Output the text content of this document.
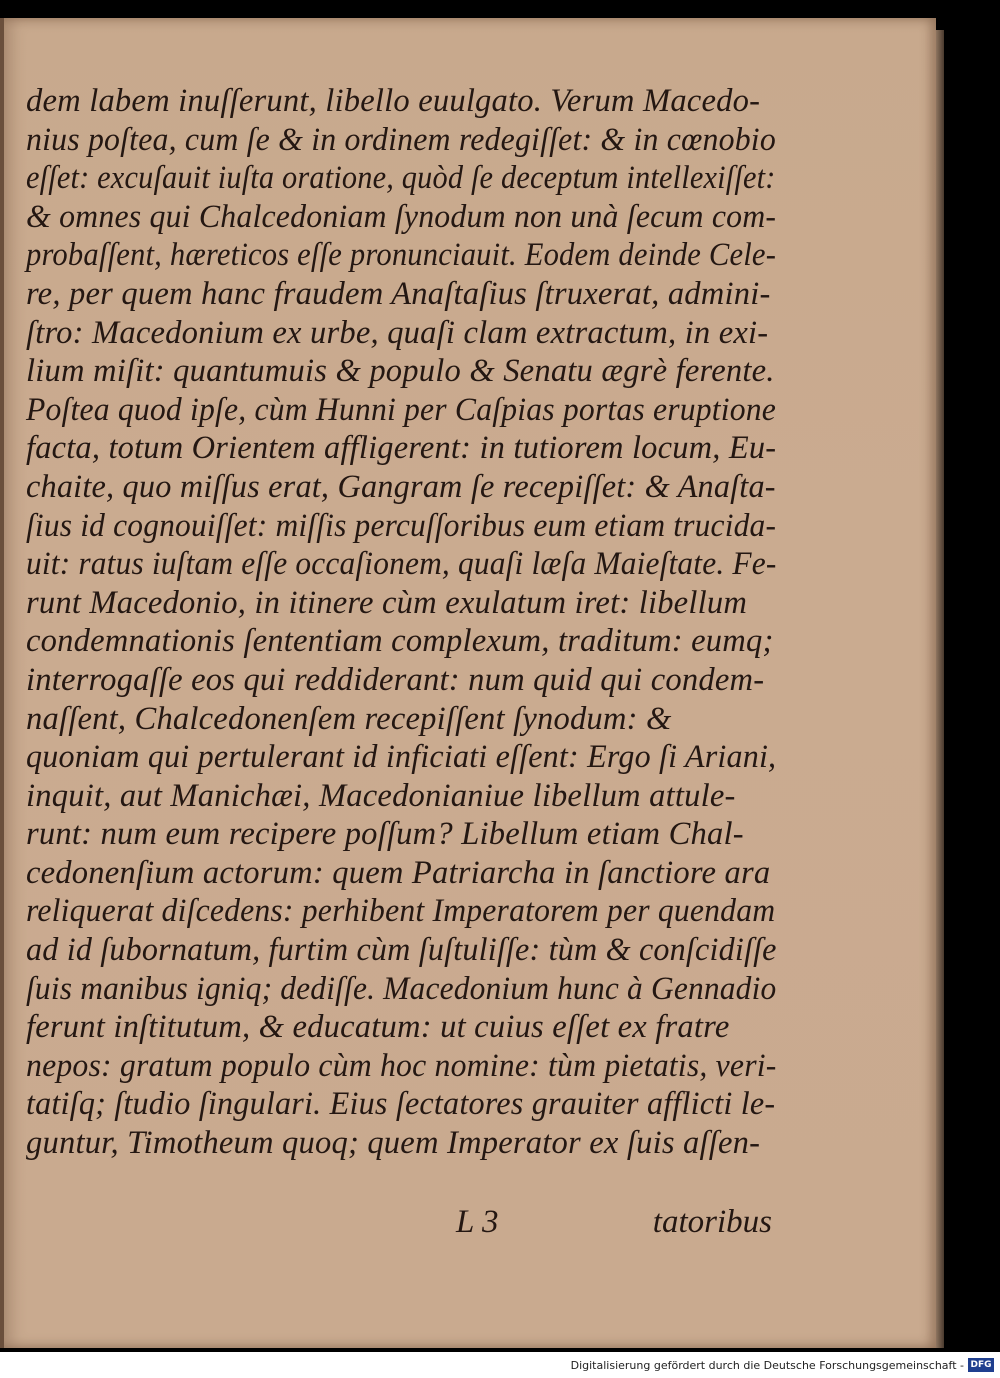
dem labem inuſſerunt, libello euulgato. Verum Macedo-
nius poſtea, cum ſe & in ordinem redegiſſet: & in cœnobio
eſſet: excuſauit iuſta oratione, quòd ſe deceptum intellexiſſet:
& omnes qui Chalcedoniam ſynodum non unà ſecum com-
probaſſent, hæreticos eſſe pronunciauit. Eodem deinde Cele-
re, per quem hanc fraudem Anaſtaſius ſtruxerat, admini-
ſtro: Macedonium ex urbe, quaſi clam extractum, in exi-
lium miſit: quantumuis & populo & Senatu ægrè ferente.
Poſtea quod ipſe, cùm Hunni per Caſpias portas eruptione
facta, totum Orientem affligerent: in tutiorem locum, Eu-
chaite, quo miſſus erat, Gangram ſe recepiſſet: & Anaſta-
ſius id cognouiſſet: miſſis percuſſoribus eum etiam trucida-
uit: ratus iuſtam eſſe occaſionem, quaſi læſa Maieſtate. Fe-
runt Macedonio, in itinere cùm exulatum iret: libellum
condemnationis ſententiam complexum, traditum: eumq;
interrogaſſe eos qui reddiderant: num quid qui condem-
naſſent, Chalcedonenſem recepiſſent ſynodum: &
quoniam qui pertulerant id inficiati eſſent: Ergo ſi Ariani,
inquit, aut Manichæi, Macedonianiue libellum attule-
runt: num eum recipere poſſum? Libellum etiam Chal-
cedonenſium actorum: quem Patriarcha in ſanctiore ara
reliquerat diſcedens: perhibent Imperatorem per quendam
ad id ſubornatum, furtim cùm ſuſtuliſſe: tùm & conſcidiſſe
ſuis manibus igniq; dediſſe. Macedonium hunc à Gennadio
ferunt inſtitutum, & educatum: ut cuius eſſet ex fratre
nepos: gratum populo cùm hoc nomine: tùm pietatis, veri-
tatiſq; ſtudio ſingulari. Eius ſectatores grauiter afflicti le-
guntur, Timotheum quoq; quem Imperator ex ſuis aſſen-
L 3	tatoribus
Digitalisierung gefördert durch die Deutsche Forschungsgemeinschaft - DFG
